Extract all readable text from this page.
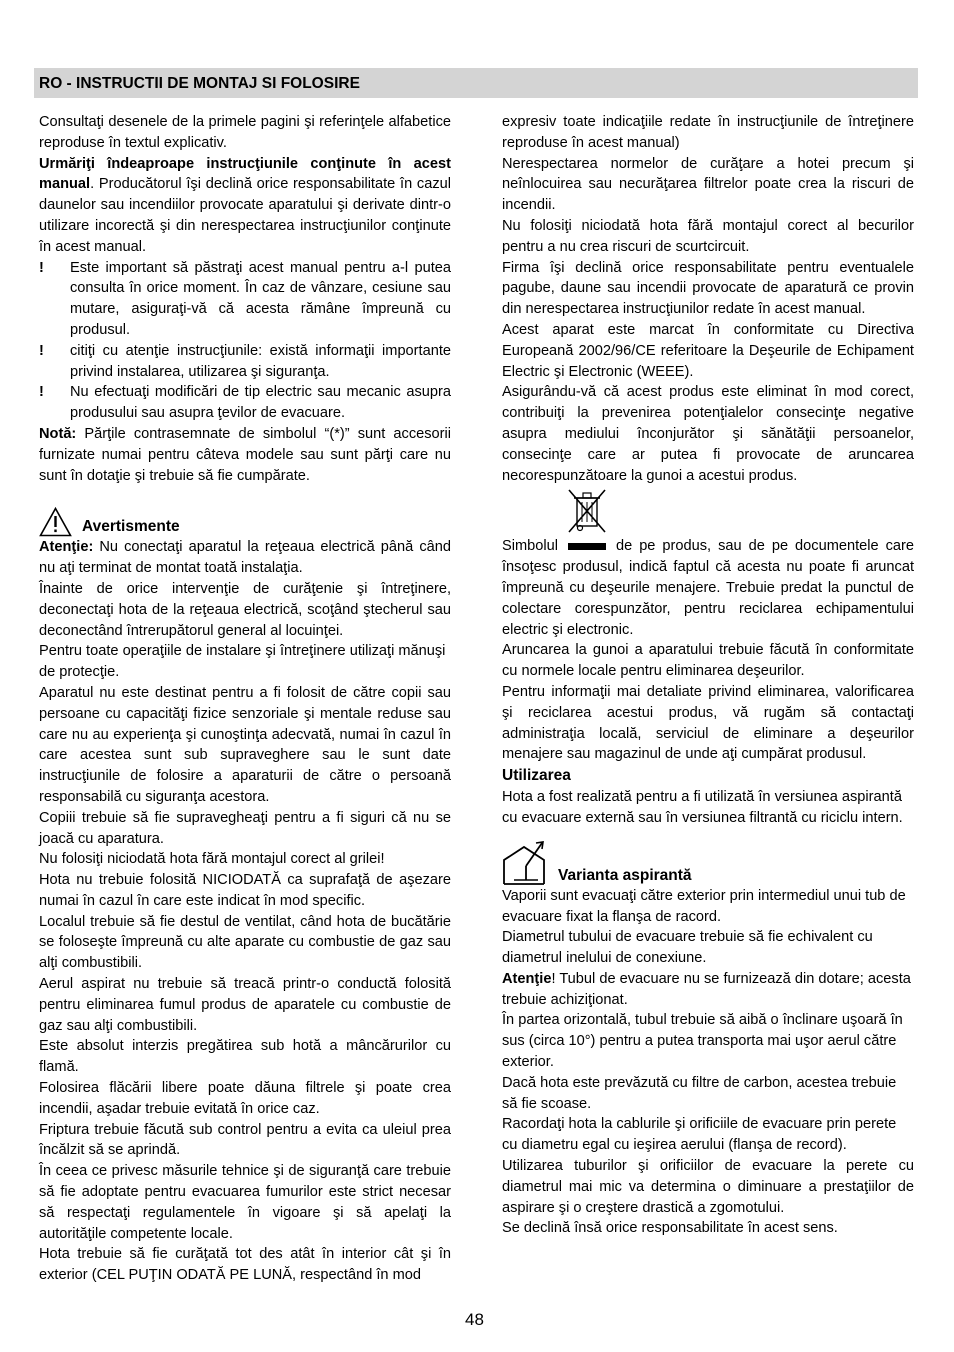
RO - INSTRUCTII DE MONTAJ SI FOLOSIRE

Consultaţi desenele de la primele pagini şi referinţele alfabetice reproduse în textul explicativ.

Urmăriţi îndeaproape instrucţiunile conţinute în acest manual. Producătorul îşi declină orice responsabilitate în cazul daunelor sau incendiilor provocate aparatului şi derivate dintr-o utilizare incorectă şi din nerespectarea instrucţiunilor conţinute în acest manual.

! Este important să păstraţi acest manual pentru a-l putea consulta în orice moment. În caz de vânzare, cesiune sau mutare, asiguraţi-vă că acesta rămâne împreună cu produsul.
! citiţi cu atenţie instrucţiunile: există informaţii importante privind instalarea, utilizarea şi siguranţa.
! Nu efectuaţi modificări de tip electric sau mecanic asupra produsului sau asupra ţevilor de evacuare.

Notă: Părţile contrasemnate de simbolul “(*)” sunt accesorii furnizate numai pentru câteva modele sau sunt părţi care nu sunt în dotaţie şi trebuie să fie cumpărate.

Avertismente

Atenţie: Nu conectaţi aparatul la reţeaua electrică până când nu aţi terminat de montat toată instalaţia.

Înainte de orice intervenţie de curăţenie şi întreţinere, deconectaţi hota de la reţeaua electrică, scoţând ştecherul sau deconectând întrerupătorul general al locuinţei.

Pentru toate operaţiile de instalare şi întreţinere utilizaţi mănuşi de protecţie.

Aparatul nu este destinat pentru a fi folosit de către copii sau persoane cu capacităţi fizice senzoriale şi mentale reduse sau care nu au experienţa şi cunoştinţa adecvată, numai în cazul în care acestea sunt sub supraveghere sau le sunt date instrucţiunile de folosire a aparaturii de către o persoană responsabilă cu siguranţa acestora.

Copiii trebuie să fie supravegheaţi pentru a fi siguri că nu se joacă cu aparatura.

Nu folosiţi niciodată hota fără montajul corect al grilei!

Hota nu trebuie folosită NICIODATĂ ca suprafaţă de aşezare numai în cazul în care este indicat în mod specific.

Localul trebuie să fie destul de ventilat, când hota de bucătărie se foloseşte împreună cu alte aparate cu combustie de gaz sau alţi combustibili.

Aerul aspirat nu trebuie să treacă printr-o conductă folosită pentru eliminarea fumul produs de aparatele cu combustie de gaz sau alţi combustibili.

Este absolut interzis pregătirea sub hotă a mâncărurilor cu flamă.

Folosirea flăcării libere poate dăuna filtrele şi poate crea incendii, aşadar trebuie evitată în orice caz.

Friptura trebuie făcută sub control pentru a evita ca uleiul prea încălzit să se aprindă.

În ceea ce privesc măsurile tehnice şi de siguranţă care trebuie să fie adoptate pentru evacuarea fumurilor este strict necesar să respectaţi regulamentele în vigoare şi să apelaţi la autorităţile competente locale.

Hota trebuie să fie curăţată tot des atât în interior cât şi în exterior (CEL PUŢIN ODATĂ PE LUNĂ, respectând în mod

expresiv toate indicaţiile redate în instrucţiunile de întreţinere reproduse în acest manual)

Nerespectarea normelor de curăţare a hotei precum şi neînlocuirea sau necurăţarea filtrelor poate crea la riscuri de incendii.

Nu folosiţi niciodată hota fără montajul corect al becurilor pentru a nu crea riscuri de scurtcircuit.

Firma îşi declină orice responsabilitate pentru eventualele pagube, daune sau incendii provocate de aparatură ce provin din nerespectarea instrucţiunilor redate în acest manual.

Acest aparat este marcat în conformitate cu Directiva Europeană 2002/96/CE referitoare la Deşeurile de Echipament Electric şi Electronic (WEEE).

Asigurându-vă că acest produs este eliminat în mod corect, contribuiţi la prevenirea potenţialelor consecinţe negative asupra mediului înconjurător şi sănătăţii persoanelor, consecinţe care ar putea fi provocate de aruncarea necorespunzătoare la gunoi a acestui produs.

Simbolul	de pe produs, sau de pe documentele care însoţesc produsul, indică faptul că acesta nu poate fi aruncat împreună cu deşeurile menajere. Trebuie predat la punctul de colectare corespunzător, pentru reciclarea echipamentului electric şi electronic.

Aruncarea la gunoi a aparatului trebuie făcută în conformitate cu normele locale pentru eliminarea deşeurilor.

Pentru informaţii mai detaliate privind eliminarea, valorificarea şi reciclarea acestui produs, vă rugăm să contactaţi administraţia locală, serviciul de eliminare a deşeurilor menajere sau magazinul de unde aţi cumpărat produsul.

Utilizarea

Hota a fost realizată pentru a fi utilizată în versiunea aspirantă cu evacuare externă sau în versiunea filtrantă cu riciclu intern.

Varianta aspirantă

Vaporii sunt evacuaţi către exterior prin intermediul unui tub de evacuare fixat la flanşa de racord.

Diametrul tubului de evacuare trebuie să fie echivalent cu diametrul inelului de conexiune.

Atenţie! Tubul de evacuare nu se furnizează din dotare; acesta trebuie achiziţionat.

În partea orizontală, tubul trebuie să aibă o înclinare uşoară în sus (circa 10°) pentru a putea transporta mai uşor aerul către exterior.

Dacă hota este prevăzută cu filtre de carbon, acestea trebuie să fie scoase.

Racordaţi hota la cablurile şi orificiile de evacuare prin perete cu diametru egal cu ieşirea aerului (flanşa de record).

Utilizarea tuburilor şi orificiilor de evacuare la perete cu diametrul mai mic va determina o diminuare a prestaţiilor de aspirare şi o creştere drastică a zgomotului.

Se declină însă orice responsabilitate în acest sens.

48
